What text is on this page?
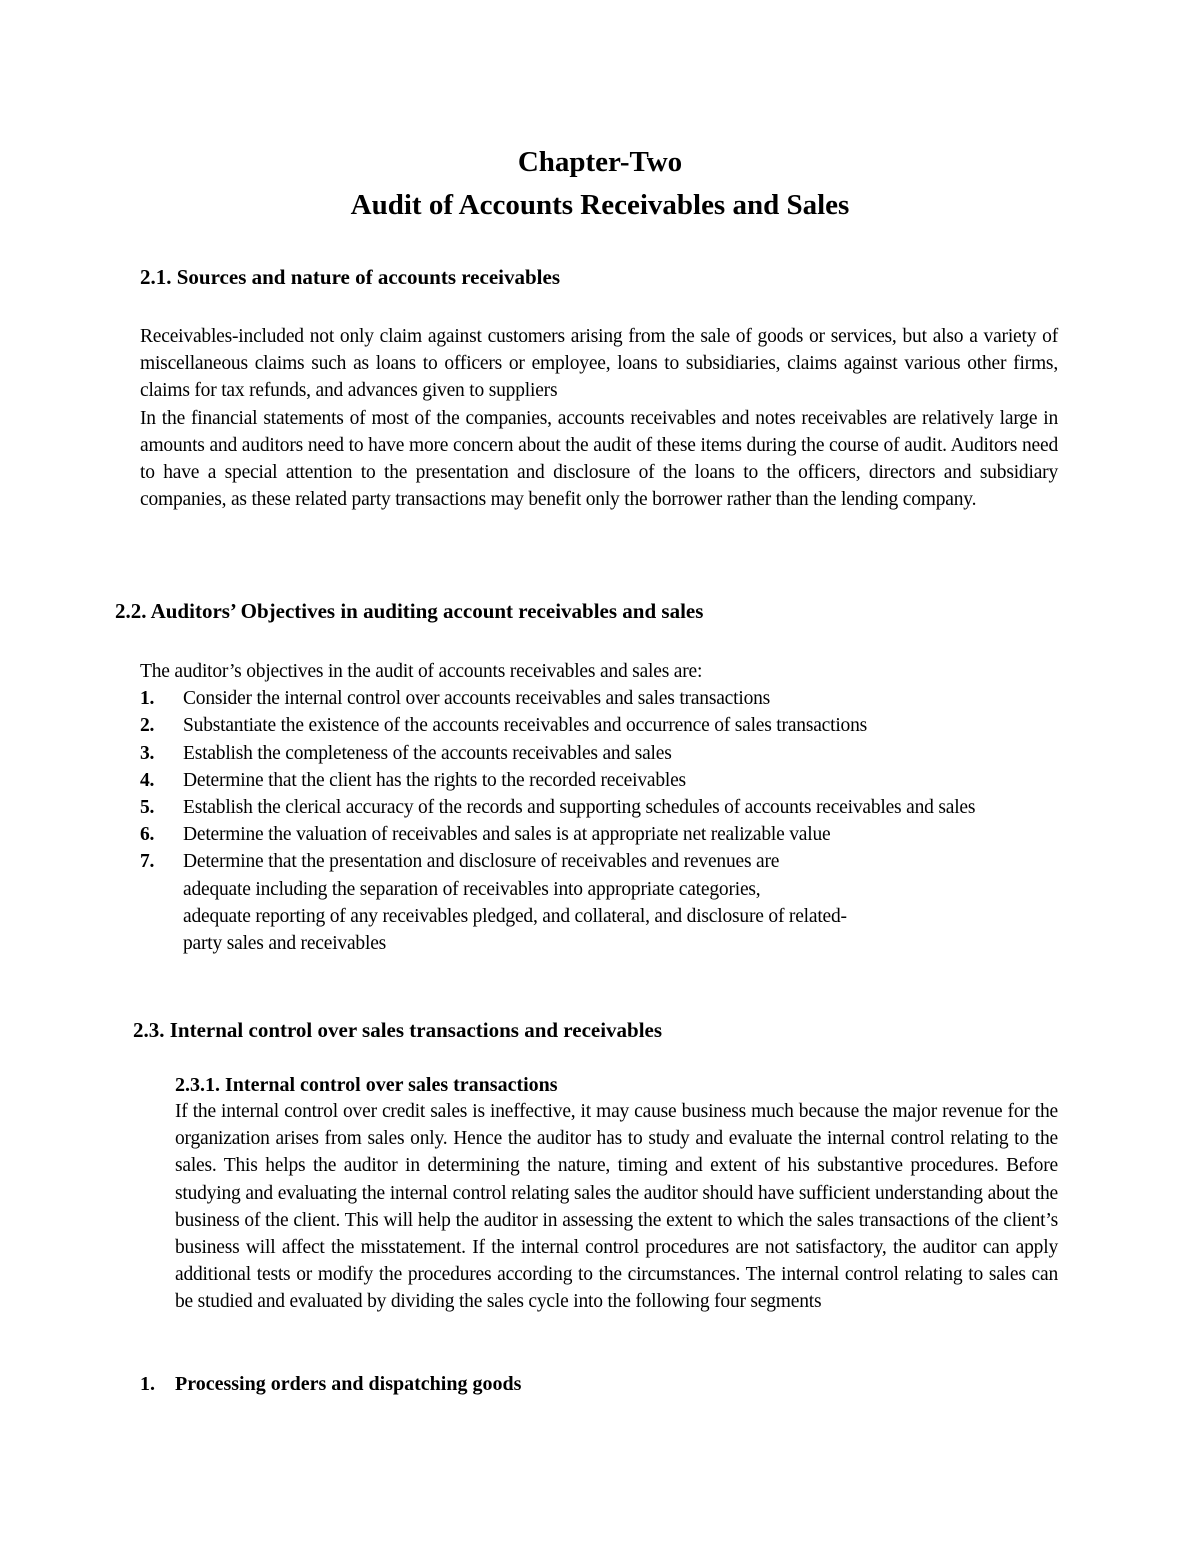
Chapter-Two
Audit of Accounts Receivables and Sales
2.1. Sources and nature of accounts receivables
Receivables-included not only claim against customers arising from the sale of goods or services, but also a variety of miscellaneous claims such as loans to officers or employee, loans to subsidiaries, claims against various other firms, claims for tax refunds, and advances given to suppliers
In the financial statements of most of the companies, accounts receivables and notes receivables are relatively large in amounts and auditors need to have more concern about the audit of these items during the course of audit. Auditors need to have a special attention to the presentation and disclosure of the loans to the officers, directors and subsidiary companies, as these related party transactions may benefit only the borrower rather than the lending company.
2.2. Auditors’ Objectives in auditing account receivables and sales
The auditor’s objectives in the audit of accounts receivables and sales are:
1. Consider the internal control over accounts receivables and sales transactions
2. Substantiate the existence of the accounts receivables and occurrence of sales transactions
3. Establish the completeness of the accounts receivables and sales
4. Determine that the client has the rights to the recorded receivables
5. Establish the clerical accuracy of the records and supporting schedules of accounts receivables and sales
6. Determine the valuation of receivables and sales is at appropriate net realizable value
7. Determine that the presentation and disclosure of receivables and revenues are
adequate including the separation of receivables into appropriate categories,
adequate reporting of any receivables pledged, and collateral, and disclosure of related-
party sales and receivables
2.3. Internal control over sales transactions and receivables
2.3.1. Internal control over sales transactions
If the internal control over credit sales is ineffective, it may cause business much because the major revenue for the organization arises from sales only. Hence the auditor has to study and evaluate the internal control relating to the sales. This helps the auditor in determining the nature, timing and extent of his substantive procedures. Before studying and evaluating the internal control relating sales the auditor should have sufficient understanding about the business of the client. This will help the auditor in assessing the extent to which the sales transactions of the client’s business will affect the misstatement. If the internal control procedures are not satisfactory, the auditor can apply additional tests or modify the procedures according to the circumstances. The internal control relating to sales can be studied and evaluated by dividing the sales cycle into the following four segments
1. Processing orders and dispatching goods
